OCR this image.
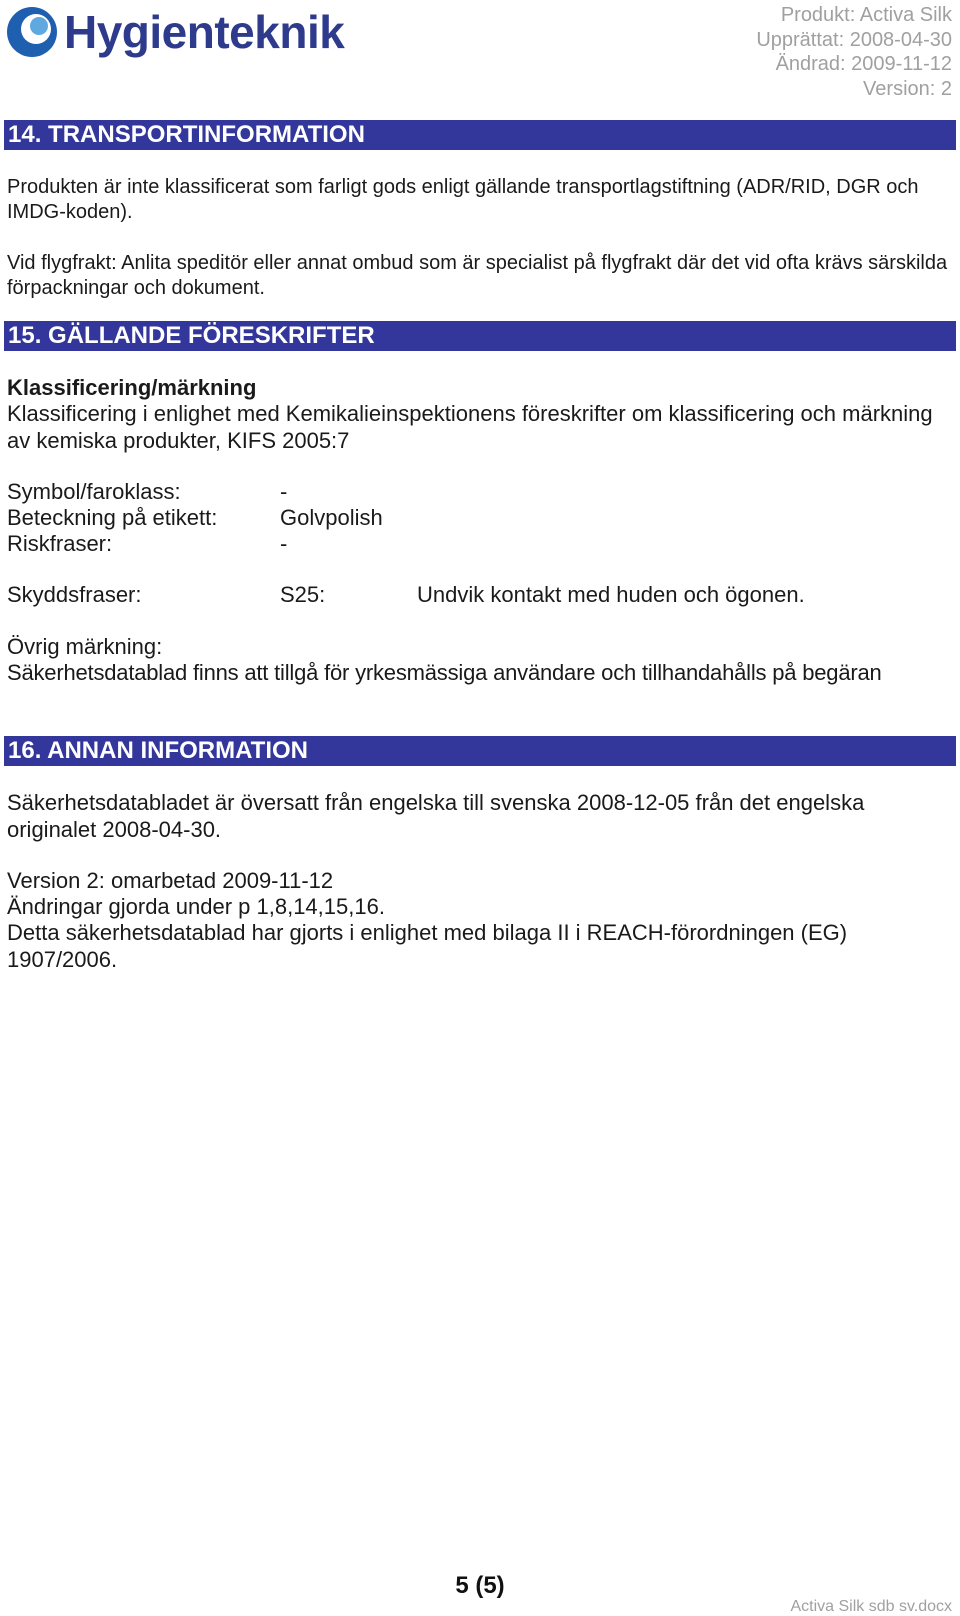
Hygienteknik	Produkt: Activa Silk
Upprättat: 2008-04-30
Ändrad: 2009-11-12
Version: 2
14. TRANSPORTINFORMATION
Produkten är inte klassificerat som farligt gods enligt gällande transportlagstiftning (ADR/RID, DGR och IMDG-koden).
Vid flygfrakt: Anlita speditör eller annat ombud som är specialist på flygfrakt där det vid ofta krävs särskilda förpackningar och dokument.
15. GÄLLANDE FÖRESKRIFTER
Klassificering/märkning
Klassificering i enlighet med Kemikalieinspektionens föreskrifter om klassificering och märkning av kemiska produkter, KIFS 2005:7
Symbol/faroklass:	-
Beteckning på etikett:	Golvpolish
Riskfraser:	-
Skyddsfraser:	S25:	Undvik kontakt med huden och ögonen.
Övrig märkning:
Säkerhetsdatablad finns att tillgå för yrkesmässiga användare och tillhandahålls på begäran
16. ANNAN INFORMATION
Säkerhetsdatabladet är översatt från engelska till svenska 2008-12-05 från det engelska originalet 2008-04-30.
Version 2: omarbetad 2009-11-12
Ändringar gjorda under p 1,8,14,15,16.
Detta säkerhetsdatablad har gjorts i enlighet med bilaga II i REACH-förordningen (EG) 1907/2006.
5 (5)
Activa Silk sdb sv.docx
